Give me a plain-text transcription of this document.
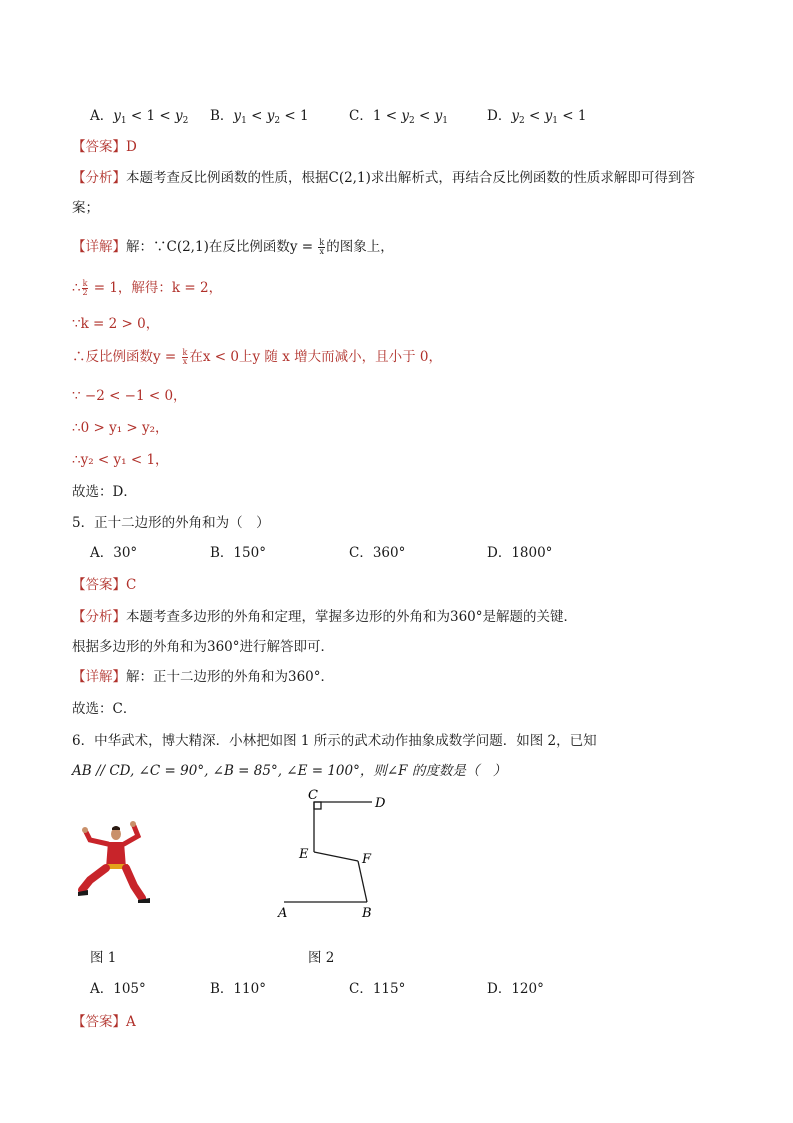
A．$y_1 < 1 < y_2$ B．$y_1 < y_2 < 1$	C．$1 < y_2 < y_1$	D．$y_2 < y_1 < 1$
【答案】D
【分析】本题考查反比例函数的性质，根据C(2,1)求出解析式，再结合反比例函数的性质求解即可得到答
案；
【详解】解：∵C(2,1)在反比例函数$y = \frac{k}{x}$ 的图象上，
∴ $\frac{k}{2} = 1$，解得：k = 2，
∵k = 2 > 0，
∴反比例函数$y = \frac{k}{x}$ 在x < 0上y 随 x 增大而减小，且小于 0，
∵ −2 < −1 < 0，
∴0 > y₁ > y₂，
∴y₂ < y₁ < 1，
故选：D．
5．正十二边形的外角和为（　）
A．30°	B．150°	C．360°	D．1800°
【答案】C
【分析】本题考查多边形的外角和定理，掌握多边形的外角和为360°是解题的关键．
根据多边形的外角和为360°进行解答即可．
【详解】解：正十二边形的外角和为360°．
故选：C．
6．中华武术，博大精深．小林把如图 1 所示的武术动作抽象成数学问题．如图 2，已知
AB // CD, ∠C = 90°, ∠B = 85°, ∠E = 100°，则∠F 的度数是（　）
C
D
E	F
A	B
图 1	图 2
A．105°	B．110°	C．115°	D．120°
【答案】A
